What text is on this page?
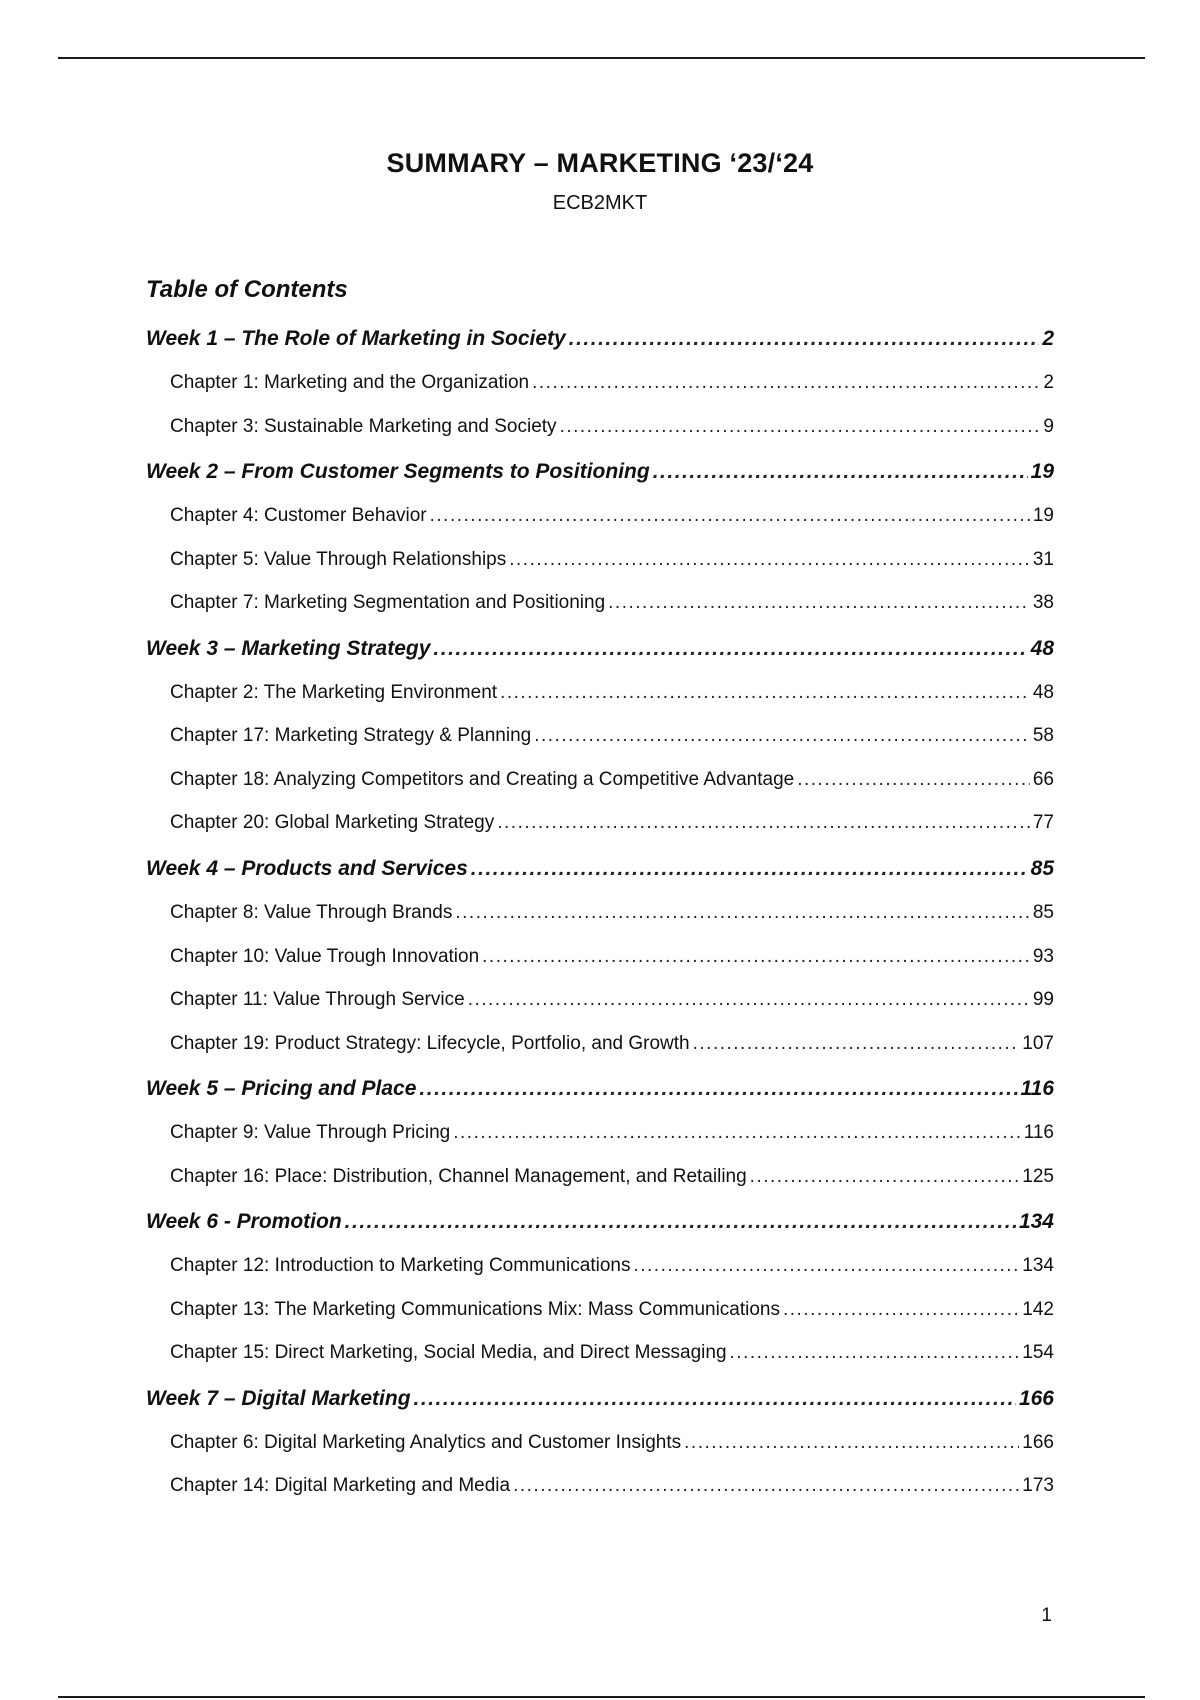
SUMMARY – MARKETING ‘23/‘24
ECB2MKT
Table of Contents
Week 1 – The Role of Marketing in Society .....	2
Chapter 1: Marketing and the Organization .....	2
Chapter 3: Sustainable Marketing and Society .....	9
Week 2 – From Customer Segments to Positioning .....	19
Chapter 4: Customer Behavior .....	19
Chapter 5: Value Through Relationships .....	31
Chapter 7: Marketing Segmentation and Positioning .....	38
Week 3 – Marketing Strategy .....	48
Chapter 2: The Marketing Environment .....	48
Chapter 17: Marketing Strategy & Planning .....	58
Chapter 18: Analyzing Competitors and Creating a Competitive Advantage .....	66
Chapter 20: Global Marketing Strategy .....	77
Week 4 – Products and Services .....	85
Chapter 8: Value Through Brands .....	85
Chapter 10: Value Trough Innovation .....	93
Chapter 11: Value Through Service .....	99
Chapter 19: Product Strategy: Lifecycle, Portfolio, and Growth .....	107
Week 5 – Pricing and Place .....	116
Chapter 9: Value Through Pricing .....	116
Chapter 16: Place: Distribution, Channel Management, and Retailing .....	125
Week 6 - Promotion .....	134
Chapter 12: Introduction to Marketing Communications .....	134
Chapter 13: The Marketing Communications Mix: Mass Communications .....	142
Chapter 15: Direct Marketing, Social Media, and Direct Messaging .....	154
Week 7 – Digital Marketing .....	166
Chapter 6: Digital Marketing Analytics and Customer Insights .....	166
Chapter 14: Digital Marketing and Media .....	173
1
